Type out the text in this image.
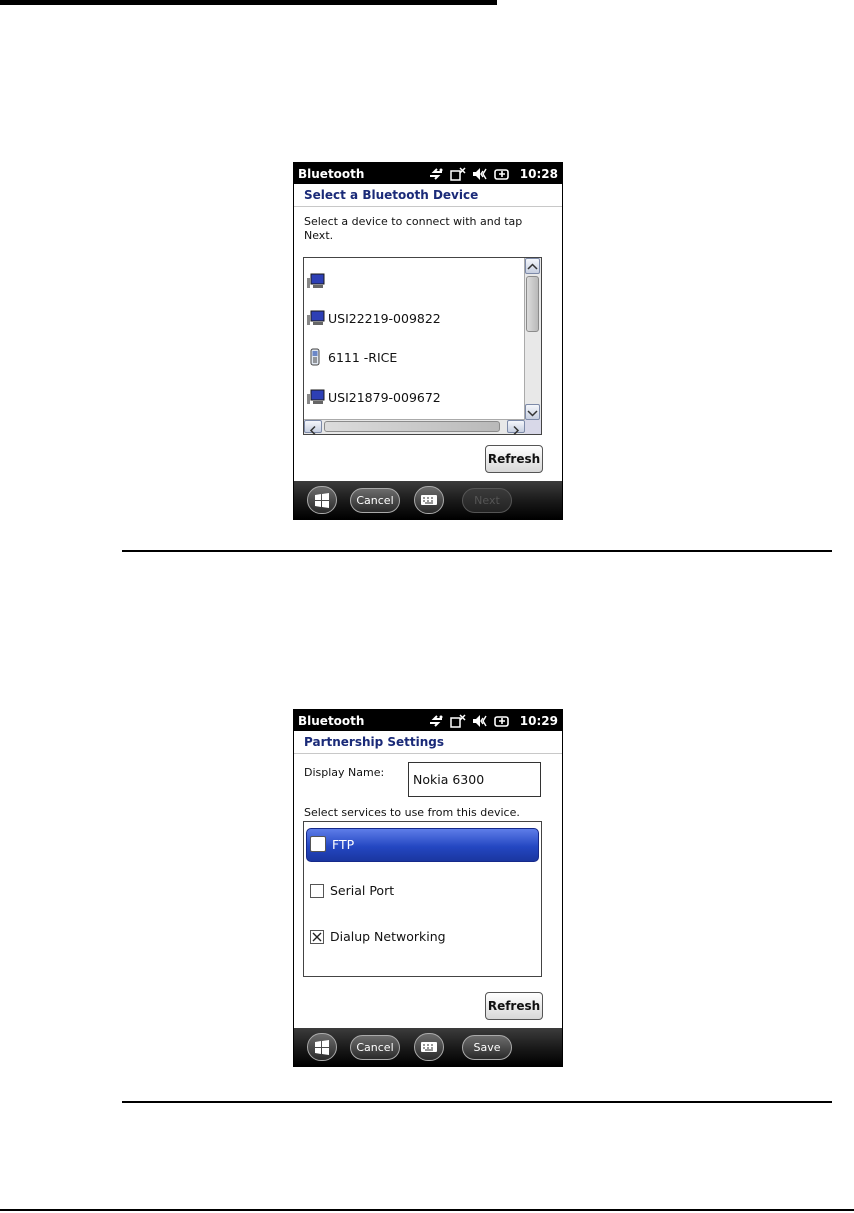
Bluetooth	10:28
Select a Bluetooth Device
Select a device to connect with and tap Next.
USI22219-009822
6111 -RICE
USI21879-009672
Refresh
Cancel	Next
Bluetooth	10:29
Partnership Settings
Display Name:	Nokia 6300
Select services to use from this device.
FTP
Serial Port
Dialup Networking
Refresh
Cancel	Save
